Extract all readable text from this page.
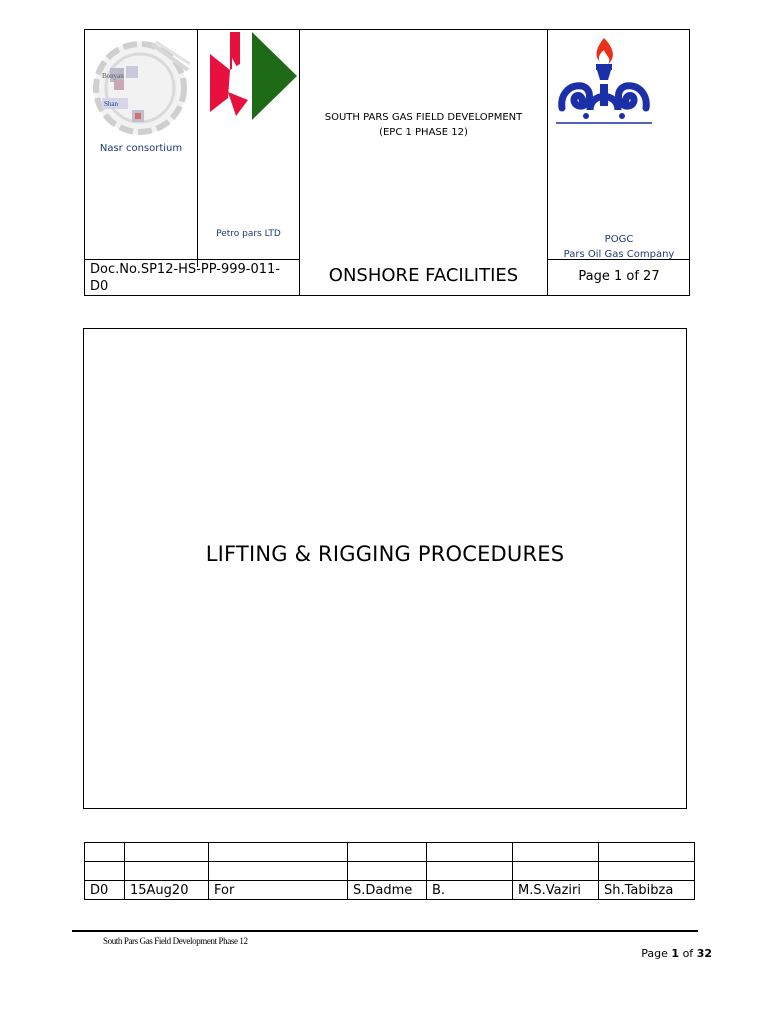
Bonyan
Shan
Nasr consortium
Petro pars LTD
SOUTH PARS GAS FIELD DEVELOPMENT
(EPC 1 PHASE 12)
POGC
Pars Oil Gas Company
Doc.No.SP12-HS-PP-999-011-
D0
ONSHORE FACILITIES	Page 1 of 27
LIFTING & RIGGING PROCEDURES

D0	15Aug20	For	S.Dadme	B.	M.S.Vaziri	Sh.Tabibza
South Pars Gas Field Development Phase 12
Page 1 of 32
